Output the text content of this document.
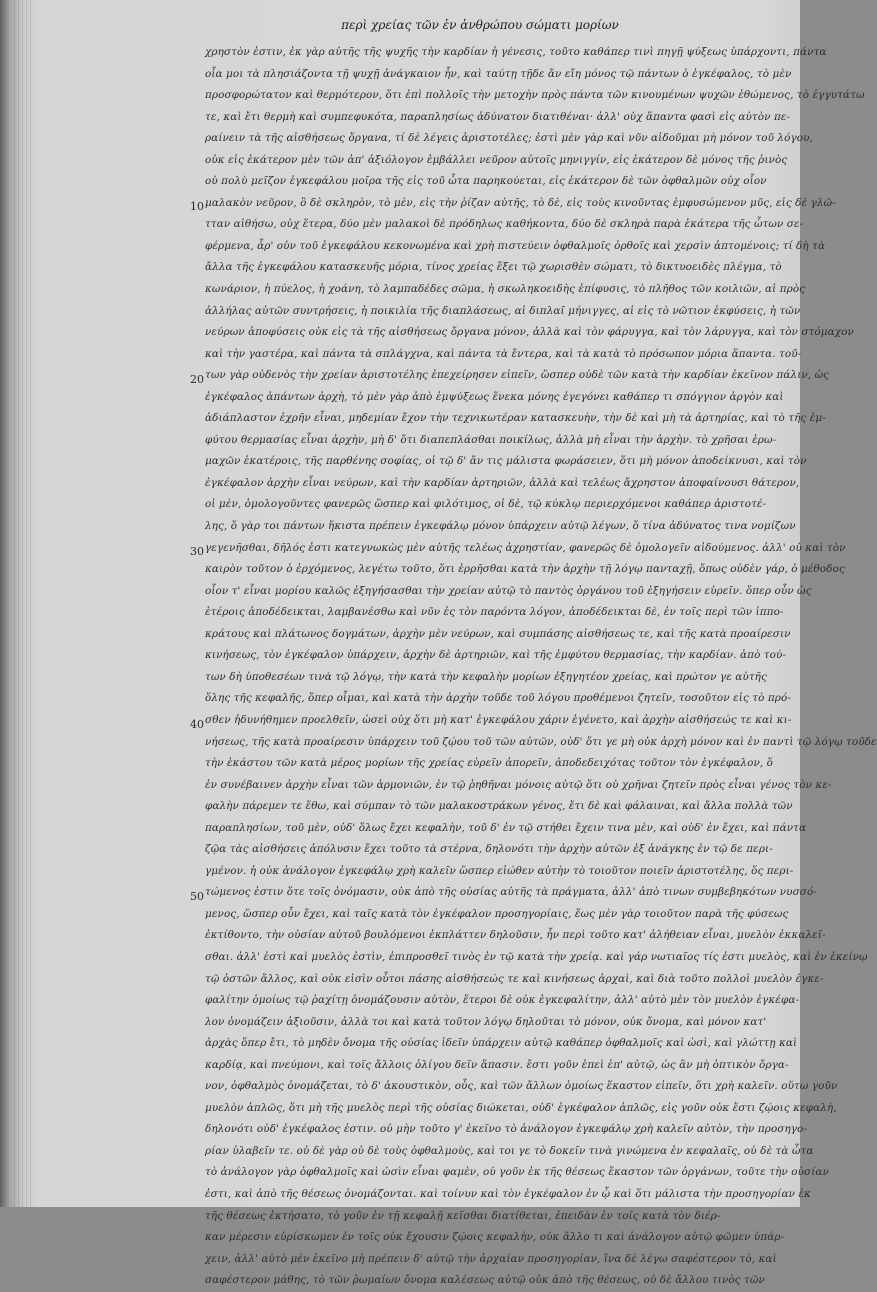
περὶ χρείας τῶν ἐν ἀνθρώπου σώματι μορίων
10
20
30
40
50
χρηστὸν ἐστιν, ἐκ γὰρ αὐτῆς τῆς ψυχῆς τὴν καρδίαν ἡ γένεσις, τοῦτο καθάπερ τινὶ πηγῇ ψύξεως ὑπάρχοντι, πάντα
οἷα μοι τὰ πλησιάζοντα τῇ ψυχῇ ἀνάγκαιον ἦν, καὶ ταύτῃ τῇδε ἄν εἴη μόνος τῷ πάντων ὁ ἐγκέφαλος, τὸ μὲν
προσφορώτατον καὶ θερμότερον, ὅτι ἐπὶ πολλοῖς τὴν μετοχὴν πρὸς πάντα τῶν κινουμένων ψυχῶν ἐθώμενος, τὸ ἐγγυτάτω
τε, καὶ ἔτι θερμὴ καὶ συμπεφυκότα, παραπλησίως ἀδύνατον διατιθέναι· ἀλλ' οὐχ ἅπαντα φασὶ εἰς αὐτὸν πε-
ραίνειν τὰ τῆς αἰσθήσεως ὄργανα, τί δὲ λέγεις ἀριστοτέλες; ἐστὶ μὲν γὰρ καὶ νῦν αἰδοῦμαι μὴ μόνον τοῦ λόγου,
οὐκ εἰς ἐκάτερον μὲν τῶν ἀπ' ἀξιόλογον ἐμβάλλει νεῦρον αὐτοῖς μηνιγγίν, εἰς ἑκάτερον δὲ μόνος τῆς ῥινὸς
οὐ πολὺ μεῖζον ἐγκεφάλου μοῖρα τῆς εἰς τοῦ ὦτα παρηκούεται, εἰς ἑκάτερον δὲ τῶν ὀφθαλμῶν οὐχ οἷον
μαλακὸν νεῦρον, ὃ δὲ σκληρὸν, τὸ μὲν, εἰς τὴν ῥίζαν αὐτῆς, τὸ δὲ, εἰς τοὺς κινοῦντας ἐμφυσώμενον μῦς, εἰς δὲ γλῶ-
τταν αἰθήσω, οὐχ ἕτερα, δύο μὲν μαλακοὶ δὲ πρόδηλως καθήκοντα, δύο δὲ σκληρὰ παρὰ ἑκάτερα τῆς ὦτων σε-
φέρμενα, ἆρ' οὐν τοῦ ἐγκεφάλου κεκονωμένα καὶ χρὴ πιστεύειν ὀφθαλμοῖς ὀρθοῖς καὶ χερσὶν ἀπτομένοις; τί δὴ τὰ
ἄλλα τῆς ἐγκεφάλου κατασκευῆς μόρια, τίνος χρείας ἕξει τῷ χωρισθὲν σώματι, τὸ δικτυοειδὲς πλέγμα, τὸ
κωνάριον, ἡ πύελος, ἡ χοάνη, τὸ λαμπαδέδες σῶμα, ἡ σκωληκοειδὴς ἐπίφυσις, τὸ πλῆθος τῶν κοιλιῶν, αἱ πρὸς
ἀλλήλας αὐτῶν συντρήσεις, ἡ ποικιλία τῆς διαπλάσεως, αἱ διπλαῖ μήνιγγες, αἱ εἰς τὸ νῶτιον ἐκφύσεις, ἡ τῶν
νεύρων ἀποφύσεις οὐκ εἰς τὰ τῆς αἰσθήσεως ὄργανα μόνον, ἀλλὰ καὶ τὸν φάρυγγα, καὶ τὸν λάρυγγα, καὶ τὸν στόμαχον
καὶ τὴν γαστέρα, καὶ πάντα τὰ σπλάγχνα, καὶ πάντα τὰ ἔντερα, καὶ τὰ κατὰ τὸ πρόσωπον μόρια ἅπαντα. τοῦ-
των γὰρ οὐδενὸς τὴν χρείαν ἀριστοτέλης ἐπεχείρησεν εἰπεῖν, ὥσπερ οὐδὲ τῶν κατὰ τὴν καρδίαν ἐκεῖνον πάλιν, ὡς
ἐγκέφαλος ἁπάντων ἀρχὴ, τὸ μὲν γὰρ ἀπὸ ἐμψύξεως ἕνεκα μόνης ἐγεγόνει καθάπερ τι σπόγγιον ἀργὸν καὶ
ἀδιάπλαστον ἐχρῆν εἶναι, μηδεμίαν ἔχον τὴν τεχνικωτέραν κατασκευὴν, τὴν δὲ καὶ μὴ τὰ ἀρτηρίας, καὶ τὸ τῆς ἐμ-
φύτου θερμασίας εἶναι ἀρχὴν, μὴ δ' ὅτι διαπεπλάσθαι ποικίλως, ἀλλὰ μὴ εἶναι τὴν ἀρχὴν. τὸ χρῆσαι ἐρω-
μαχῶν ἑκατέροις, τῆς παρθένης σοφίας, οἱ τῷ δ' ἄν τις μάλιστα φωράσειεν, ὅτι μὴ μόνον ἀποδείκνυσι, καὶ τὸν
ἐγκέφαλον ἀρχὴν εἶναι νεύρων, καὶ τὴν καρδίαν ἀρτηριῶν, ἀλλὰ καὶ τελέως ἄχρηστον ἀποφαίνουσι θάτερον,
οἱ μὲν, ὁμολογοῦντες φανερῶς ὥσπερ καὶ φιλότιμος, οἱ δὲ, τῷ κύκλῳ περιερχόμενοι καθάπερ ἀριστοτέ-
λης, ὅ γὰρ τοι πάντων ἥκιστα πρέπειν ἐγκεφάλῳ μόνον ὑπάρχειν αὐτῷ λέγων, ὅ τίνα ἀδύνατος τινα νομίζων
γεγενῆσθαι, δῆλός ἐστι κατεγνωκὼς μὲν αὐτῆς τελέως ἀχρηστίαν, φανερῶς δὲ ὁμολογεῖν αἰδούμενος. ἀλλ' οὐ καὶ τὸν
καιρὸν τοῦτον ὁ ἐρχόμενος, λεγέτω τοῦτο, ὅτι ἐρρῆσθαι κατὰ τὴν ἀρχὴν τῇ λόγῳ πανταχῇ, ὅπως οὐδὲν γάρ, ὁ μέθοδος
οἷον τ' εἶναι μορίου καλῶς ἐξηγήσασθαι τὴν χρείαν αὐτῷ τὸ παντὸς ὀργάνου τοῦ ἐξηγήσειν εὑρεῖν. ὅπερ οὖν ὡς
ἑτέροις ἀποδέδεικται, λαμβανέσθω καὶ νῦν ἐς τὸν παρόντα λόγον, ἀποδέδεικται δὲ, ἐν τοῖς περὶ τῶν ἱππο-
κράτους καὶ πλάτωνος δογμάτων, ἀρχὴν μὲν νεύρων, καὶ συμπάσης αἰσθήσεως τε, καὶ τῆς κατὰ προαίρεσιν
κινήσεως, τὸν ἐγκέφαλον ὑπάρχειν, ἀρχὴν δὲ ἀρτηριῶν, καὶ τῆς ἐμφύτου θερμασίας, τὴν καρδίαν. ἀπὸ τού-
των δὴ ὑποθεσέων τινὰ τῷ λόγῳ, τὴν κατὰ τὴν κεφαλὴν μορίων ἐξηγητέον χρείας, καὶ πρώτον γε αὐτῆς
ὅλης τῆς κεφαλῆς, ὅπερ οἶμαι, καὶ κατὰ τὴν ἀρχὴν τοῦδε τοῦ λόγου προθέμενοι ζητεῖν, τοσοῦτον εἰς τὸ πρό-
σθεν ἠδυνήθημεν προελθεῖν, ὡσεὶ οὐχ ὅτι μὴ κατ' ἐγκεφάλου χάριν ἐγένετο, καὶ ἀρχὴν αἰσθήσεώς τε καὶ κι-
νήσεως, τῆς κατὰ προαίρεσιν ὑπάρχειν τοῦ ζῴου τοῦ τῶν αὐτῶν, οὐδ' ὅτι γε μὴ οὐκ ἀρχὴ μόνον καὶ ἐν παντὶ τῷ λόγῳ τοῦδε
τὴν ἑκάστου τῶν κατὰ μέρος μορίων τῆς χρείας εὑρεῖν ἀπορεῖν, ἀποδεδειχότας τοῦτον τὸν ἐγκέφαλον, ὅ
ἐν συνέβαινεν ἀρχὴν εἶναι τῶν ἁρμονιῶν, ἐν τῷ ῥηθῆναι μόνοις αὐτῷ ὅτι οὐ χρῆναι ζητεῖν πρὸς εἶναι γένος τὸν κε-
φαλὴν πάρεμεν τε ἔθω, καὶ σύμπαν τὸ τῶν μαλακοστράκων γένος, ἔτι δὲ καὶ φάλαιναι, καὶ ἄλλα πολλὰ τῶν
παραπλησίων, τοῦ μὲν, οὐδ' ὅλως ἔχει κεφαλὴν, τοῦ δ' ἐν τῷ στήθει ἔχειν τινα μὲν, καὶ οὐδ' ἐν ἔχει, καὶ πάντα
ζῷα τὰς αἰσθήσεις ἀπόλυσιν ἔχει τοῦτο τὰ στέρνα, δηλονότι τὴν ἀρχὴν αὐτῶν ἐξ ἀνάγκης ἐν τῷ δε περι-
γμένον. ἡ οὐκ ἀνάλογον ἐγκεφάλῳ χρὴ καλεῖν ὥσπερ εἰώθεν αὐτὴν τὸ τοιοῦτον ποιεῖν ἀριστοτέλης, ὅς περι-
τώμενος ἐστιν ὅτε τοῖς ὀνόμασιν, οὐκ ἀπὸ τῆς οὐσίας αὐτῆς τὰ πράγματα, ἀλλ' ἀπὸ τινων συμβεβηκότων νυσσό-
μενος, ὥσπερ οὖν ἔχει, καὶ ταῖς κατὰ τὸν ἐγκέφαλον προσηγορίαις, ἕως μὲν γὰρ τοιοῦτον παρὰ τῆς φύσεως
ἐκτίθοντο, τὴν οὐσίαν αὐτοῦ βουλόμενοι ἐκπλάττεν δηλοῦσιν, ἦν περὶ τοῦτο κατ' ἀλήθειαν εἶναι, μυελὸν ἐκκαλεῖ-
σθαι. ἀλλ' ἐστὶ καὶ μυελὸς ἐστὶν, ἐπιπροσθεῖ τινὸς ἐν τῷ κατὰ τὴν χρείᾳ. καὶ γάρ νωτιαῖος τίς ἐστι μυελὸς, καὶ ἐν ἐκείνῳ
τῷ ὀστῶν ἄλλος, καὶ οὐκ εἰσὶν οὗτοι πάσης αἰσθήσεώς τε καὶ κινήσεως ἀρχαὶ, καὶ διὰ τοῦτο πολλοὶ μυελὸν ἐγκε-
φαλίτην ὁμοίως τῷ ῥαχίτῃ ὀνομάζουσιν αὐτὸν, ἕτεροι δὲ οὐκ ἐγκεφαλίτην, ἀλλ' αὐτὸ μὲν τὸν μυελὸν ἐγκέφα-
λον ὀνομάζειν ἀξιοῦσιν, ἀλλὰ τοι καὶ κατὰ τοῦτον λόγῳ δηλοῦται τὸ μόνον, οὐκ ὄνομα, καὶ μόνον κατ'
ἀρχὰς ὅπερ ἔτι, τὸ μηδὲν ὄνομα τῆς οὐσίας ἰδεῖν ὑπάρχειν αὐτῷ καθάπερ ὀφθαλμοῖς καὶ ὠσὶ, καὶ γλώττῃ καὶ
καρδίᾳ, καὶ πνεύμονι, καὶ τοῖς ἄλλοις ὀλίγου δεῖν ἅπασιν. ἔστι γοῦν ἐπεὶ ἐπ' αὐτῷ, ὡς ἂν μὴ ὀπτικὸν ὄργα-
νον, ὀφθαλμὸς ὀνομάζεται, τὸ δ' ἀκουστικὸν, οὖς, καὶ τῶν ἄλλων ὁμοίως ἕκαστον εἰπεῖν, ὅτι χρὴ καλεῖν. οὕτω γοῦν
μυελὸν ἁπλῶς, ὅτι μὴ τῆς μυελὸς περὶ τῆς οὐσίας διώκεται, οὐδ' ἐγκέφαλον ἁπλῶς, εἰς γοῦν οὐκ ἔστι ζῴοις κεφαλὴ,
δηλονότι οὐδ' ἐγκέφαλος ἐστιν. οὐ μὴν τοῦτο γ' ἐκεῖνο τὸ ἀνάλογον ἐγκεφάλῳ χρὴ καλεῖν αὐτὸν, τὴν προσηγο-
ρίαν ὑλαβεῖν τε. οὐ δὲ γὰρ οὐ δὲ τοὺς ὀφθαλμοὺς, καὶ τοι γε τὸ δοκεῖν τινὰ γινώμενα ἐν κεφαλαῖς, οὐ δὲ τὰ ὦτα
τὸ ἀνάλογον γὰρ ὀφθαλμοῖς καὶ ὠσὶν εἶναι φαμὲν, οὐ γοῦν ἐκ τῆς θέσεως ἕκαστον τῶν ὀργάνων, τοῦτε τὴν οὐσίαν
ἐστι, καὶ ἀπὸ τῆς θέσεως ὀνομάζονται. καὶ τοίνυν καὶ τὸν ἐγκέφαλον ἐν ᾧ καὶ ὅτι μάλιστα τὴν προσηγορίαν ἐκ
τῆς θέσεως ἐκτήσατο, τὸ γοῦν ἐν τῇ κεφαλῇ κεῖσθαι διατίθεται, ἐπειδὰν ἐν τοῖς κατὰ τὸν διέρ-
καν μέρεσιν εὑρίσκωμεν ἐν τοῖς οὐκ ἔχουσιν ζῴοις κεφαλὴν, οὐκ ἄλλο τι καὶ ἀνάλογον αὐτῷ φῶμεν ὑπάρ-
χειν, ἀλλ' αὐτὸ μὲν ἐκεῖνο μὴ πρέπειν δ' αὐτῷ τὴν ἀρχαίαν προσηγορίαν, ἵνα δὲ λέγω σαφέστερον τὸ, καὶ
σαφέστερον μάθης, τὸ τῶν ῥωμαίων ὄνομα καλέσεως αὐτῷ οὐκ ἀπὸ τῆς θέσεως, οὐ δὲ ἄλλου τινὸς τῶν
